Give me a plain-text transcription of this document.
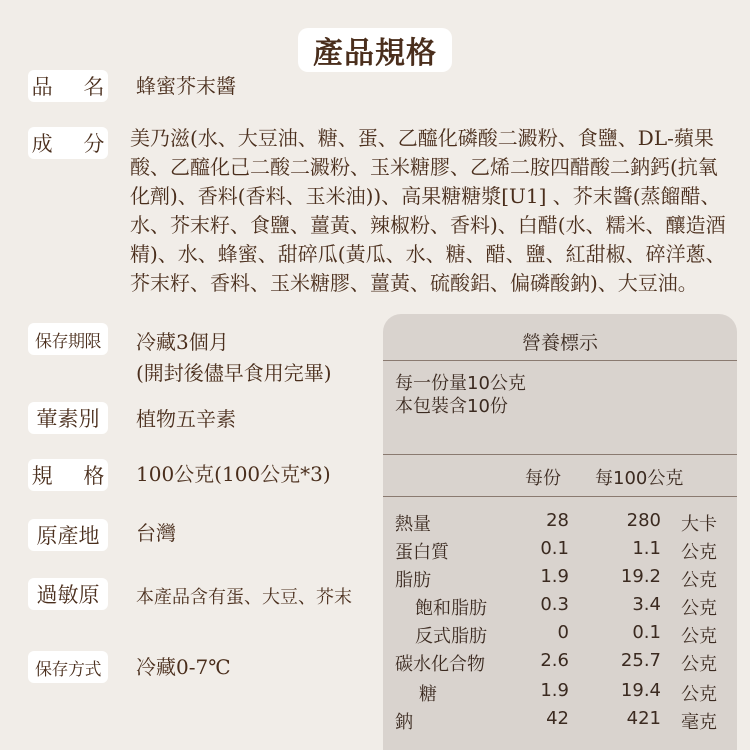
產品規格
品 名 蜂蜜芥末醬
成 分 美乃滋(水、大豆油、糖、蛋、乙醯化磷酸二澱粉、食鹽、DL-蘋果
酸、乙醯化己二酸二澱粉、玉米糖膠、乙烯二胺四醋酸二鈉鈣(抗氧
化劑)、香料(香料、玉米油))、高果糖糖漿[U1] 、芥末醬(蒸餾醋、
水、芥末籽、食鹽、薑黃、辣椒粉、香料)、白醋(水、糯米、釀造酒
精)、水、蜂蜜、甜碎瓜(黃瓜、水、糖、醋、鹽、紅甜椒、碎洋蔥、
芥末籽、香料、玉米糖膠、薑黃、硫酸鋁、偏磷酸鈉)、大豆油。
保存期限	冷藏3個月
(開封後儘早食用完畢)
葷素別	植物五辛素
規 格 100公克(100公克*3)
原產地	台灣
過敏原	本產品含有蛋、大豆、芥末
保存方式	冷藏0-7℃
營養標示
每一份量10公克
本包裝含10份
每份 每100公克
熱量	28	280 大卡
蛋白質	0.1	1.1 公克
脂肪	1.9	19.2 公克
飽和脂肪	0.3	3.4 公克
反式脂肪	0	0.1 公克
碳水化合物	2.6	25.7 公克
糖	1.9	19.4 公克
鈉	42	421 毫克
